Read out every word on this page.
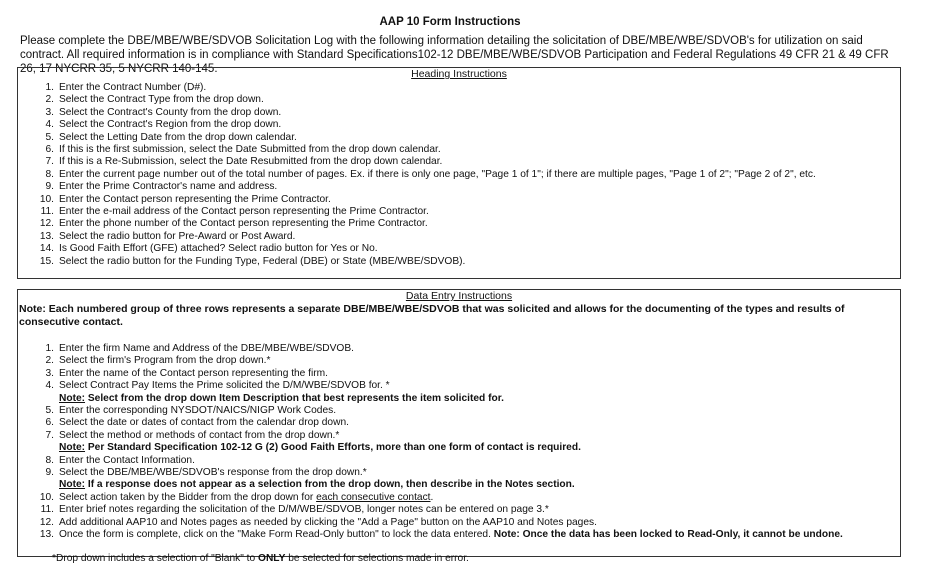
AAP 10 Form Instructions
Please complete the DBE/MBE/WBE/SDVOB Solicitation Log with the following information detailing the solicitation of DBE/MBE/WBE/SDVOB's for utilization on said contract. All required information is in compliance with Standard Specifications102-12 DBE/MBE/WBE/SDVOB Participation and Federal Regulations 49 CFR 21 & 49 CFR 26, 17 NYCRR 35, 5 NYCRR 140-145.	Heading Instructions
1. Enter the Contract Number (D#).
2. Select the Contract Type from the drop down.
3. Select the Contract's County from the drop down.
4. Select the Contract's Region from the drop down.
5. Select the Letting Date from the drop down calendar.
6. If this is the first submission, select the Date Submitted from the drop down calendar.
7. If this is a Re-Submission, select the Date Resubmitted from the drop down calendar.
8. Enter the current page number out of the total number of pages. Ex. if there is only one page, "Page 1 of 1"; if there are multiple pages, "Page 1 of 2"; "Page 2 of 2", etc.
9. Enter the Prime Contractor's name and address.
10. Enter the Contact person representing the Prime Contractor.
11. Enter the e-mail address of the Contact person representing the Prime Contractor.
12. Enter the phone number of the Contact person representing the Prime Contractor.
13. Select the radio button for Pre-Award or Post Award.
14. Is Good Faith Effort (GFE) attached? Select radio button for Yes or No.
15. Select the radio button for the Funding Type, Federal (DBE) or State (MBE/WBE/SDVOB).
Data Entry Instructions
Note: Each numbered group of three rows represents a separate DBE/MBE/WBE/SDVOB that was solicited and allows for the documenting of the types and results of consecutive contact.
1. Enter the firm Name and Address of the DBE/MBE/WBE/SDVOB.
2. Select the firm's Program from the drop down.*
3. Enter the name of the Contact person representing the firm.
4. Select Contract Pay Items the Prime solicited the D/M/WBE/SDVOB for. *
Note: Select from the drop down Item Description that best represents the item solicited for.
5. Enter the corresponding NYSDOT/NAICS/NIGP Work Codes.
6. Select the date or dates of contact from the calendar drop down.
7. Select the method or methods of contact from the drop down.*
Note: Per Standard Specification 102-12 G (2) Good Faith Efforts, more than one form of contact is required.
8. Enter the Contact Information.
9. Select the DBE/MBE/WBE/SDVOB's response from the drop down.*
Note: If a response does not appear as a selection from the drop down, then describe in the Notes section.
10. Select action taken by the Bidder from the drop down for each consecutive contact.
11. Enter brief notes regarding the solicitation of the D/M/WBE/SDVOB, longer notes can be entered on page 3.*
12. Add additional AAP10 and Notes pages as needed by clicking the "Add a Page" button on the AAP10 and Notes pages.
13. Once the form is complete, click on the "Make Form Read-Only button" to lock the data entered. Note: Once the data has been locked to Read-Only, it cannot be undone.
*Drop down includes a selection of "Blank" to ONLY be selected for selections made in error.
